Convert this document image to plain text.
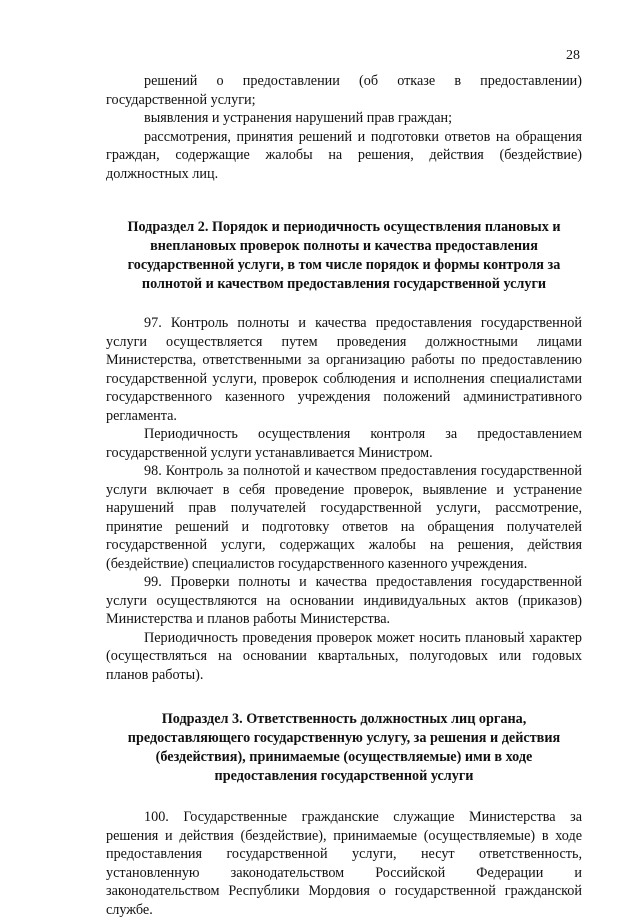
28

решений о предоставлении (об отказе в предоставлении) государственной услуги;

выявления и устранения нарушений прав граждан;

рассмотрения, принятия решений и подготовки ответов на обращения граждан, содержащие жалобы на решения, действия (бездействие) должностных лиц.

Подраздел 2. Порядок и периодичность осуществления плановых и внеплановых проверок полноты и качества предоставления государственной услуги, в том числе порядок и формы контроля за полнотой и качеством предоставления государственной услуги

97. Контроль полноты и качества предоставления государственной услуги осуществляется путем проведения должностными лицами Министерства, ответственными за организацию работы по предоставлению государственной услуги, проверок соблюдения и исполнения специалистами государственного казенного учреждения положений административного регламента.

Периодичность осуществления контроля за предоставлением государственной услуги устанавливается Министром.

98. Контроль за полнотой и качеством предоставления государственной услуги включает в себя проведение проверок, выявление и устранение нарушений прав получателей государственной услуги, рассмотрение, принятие решений и подготовку ответов на обращения получателей государственной услуги, содержащих жалобы на решения, действия (бездействие) специалистов государственного казенного учреждения.

99. Проверки полноты и качества предоставления государственной услуги осуществляются на основании индивидуальных актов (приказов) Министерства и планов работы Министерства.

Периодичность проведения проверок может носить плановый характер (осуществляться на основании квартальных, полугодовых или годовых планов работы).

Подраздел 3. Ответственность должностных лиц органа, предоставляющего государственную услугу, за решения и действия (бездействия), принимаемые (осуществляемые) ими в ходе предоставления государственной услуги

100. Государственные гражданские служащие Министерства за решения и действия (бездействие), принимаемые (осуществляемые) в ходе предоставления государственной услуги, несут ответственность, установленную законодательством Российской Федерации и законодательством Республики Мордовия о государственной гражданской службе.
